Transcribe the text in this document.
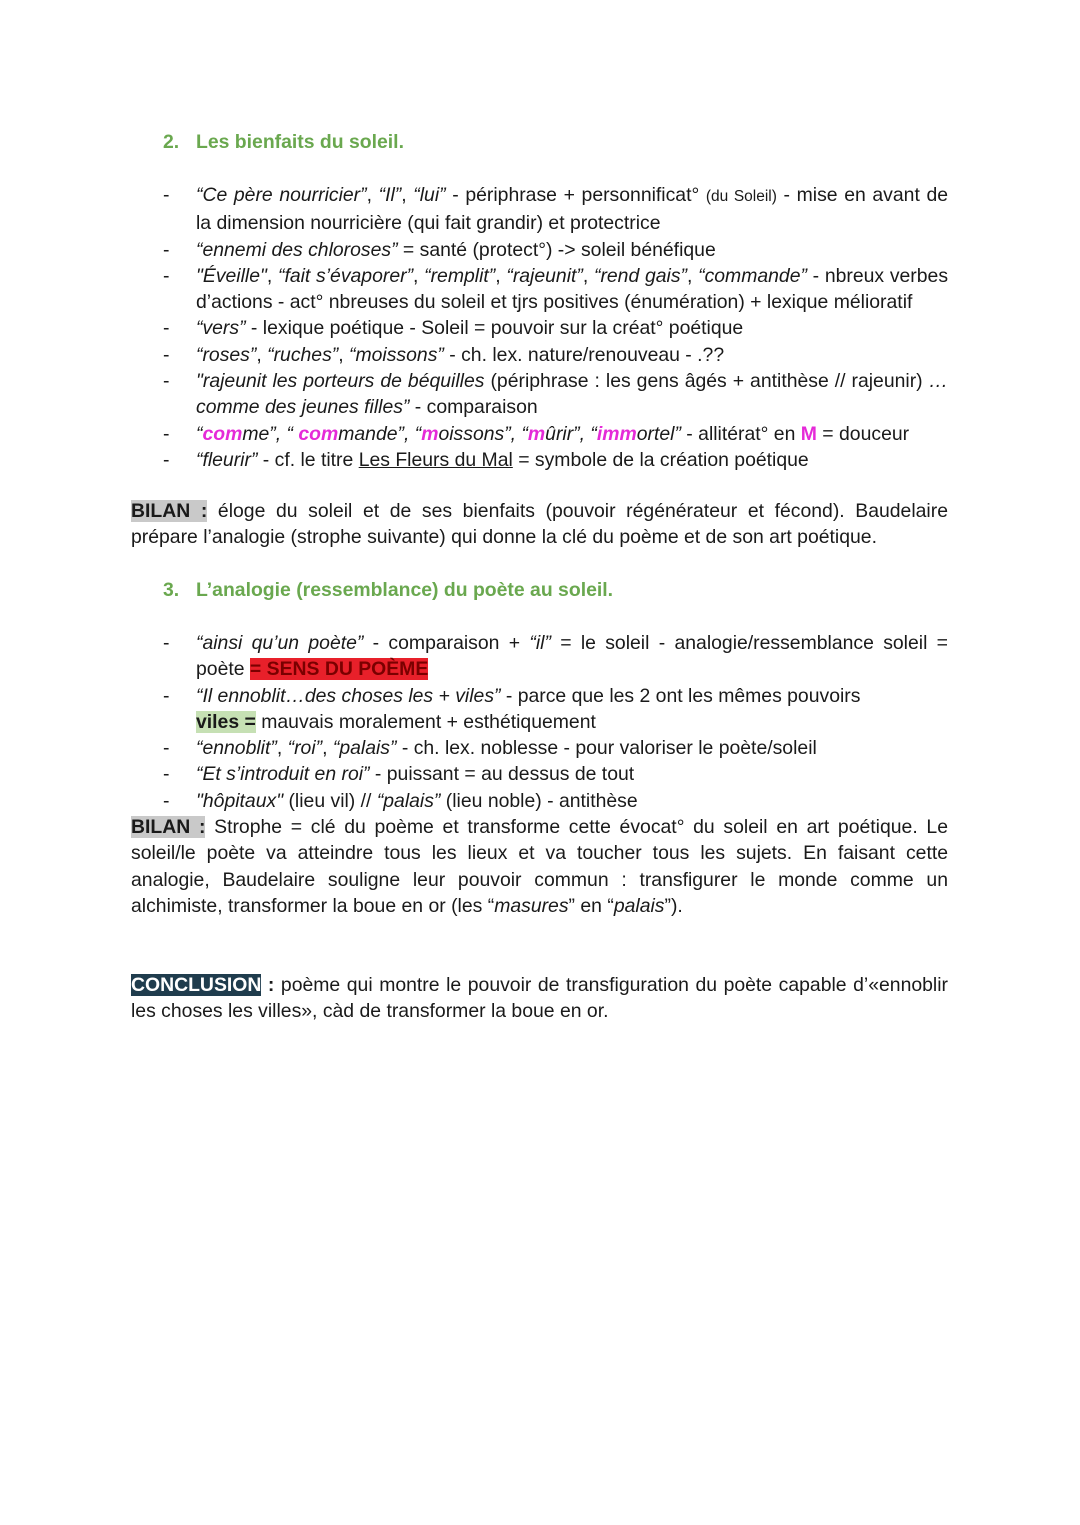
2. Les bienfaits du soleil.
- “Ce père nourricier”, “Il”, “lui” - périphrase + personnificat° (du Soleil) - mise en avant de la dimension nourricière (qui fait grandir) et protectrice
- “ennemi des chloroses” = santé (protect°) -> soleil bénéfique
- "Éveille", “fait s’évaporer”, “remplit”, “rajeunit”, “rend gais”, “commande” - nbreux verbes d’actions - act° nbreuses du soleil et tjrs positives (énumération) + lexique mélioratif
- “vers” - lexique poétique - Soleil = pouvoir sur la créat° poétique
- “roses”, “ruches”, “moissons” - ch. lex. nature/renouveau - .??
- "rajeunit les porteurs de béquilles (périphrase : les gens âgés + antithèse // rajeunir) … comme des jeunes filles” - comparaison
- “comme”, “ commande”, “moissons”, “mûrir”, “immortel” - allitérat° en M = douceur
- “fleurir” - cf. le titre Les Fleurs du Mal = symbole de la création poétique
BILAN : éloge du soleil et de ses bienfaits (pouvoir régénérateur et fécond). Baudelaire prépare l’analogie (strophe suivante) qui donne la clé du poème et de son art poétique.
3. L’analogie (ressemblance) du poète au soleil.
- “ainsi qu’un poète” - comparaison + “il” = le soleil - analogie/ressemblance soleil = poète = SENS DU POÈME
- “Il ennoblit…des choses les + viles” - parce que les 2 ont les mêmes pouvoirs
viles = mauvais moralement + esthétiquement
- “ennoblit”, “roi”, “palais” - ch. lex. noblesse - pour valoriser le poète/soleil
- “Et s’introduit en roi” - puissant = au dessus de tout
- "hôpitaux" (lieu vil) // “palais” (lieu noble) - antithèse
BILAN : Strophe = clé du poème et transforme cette évocat° du soleil en art poétique. Le soleil/le poète va atteindre tous les lieux et va toucher tous les sujets. En faisant cette analogie, Baudelaire souligne leur pouvoir commun : transfigurer le monde comme un alchimiste, transformer la boue en or (les “masures” en “palais”).
CONCLUSION : poème qui montre le pouvoir de transfiguration du poète capable d’«ennoblir les choses les villes», càd de transformer la boue en or.
